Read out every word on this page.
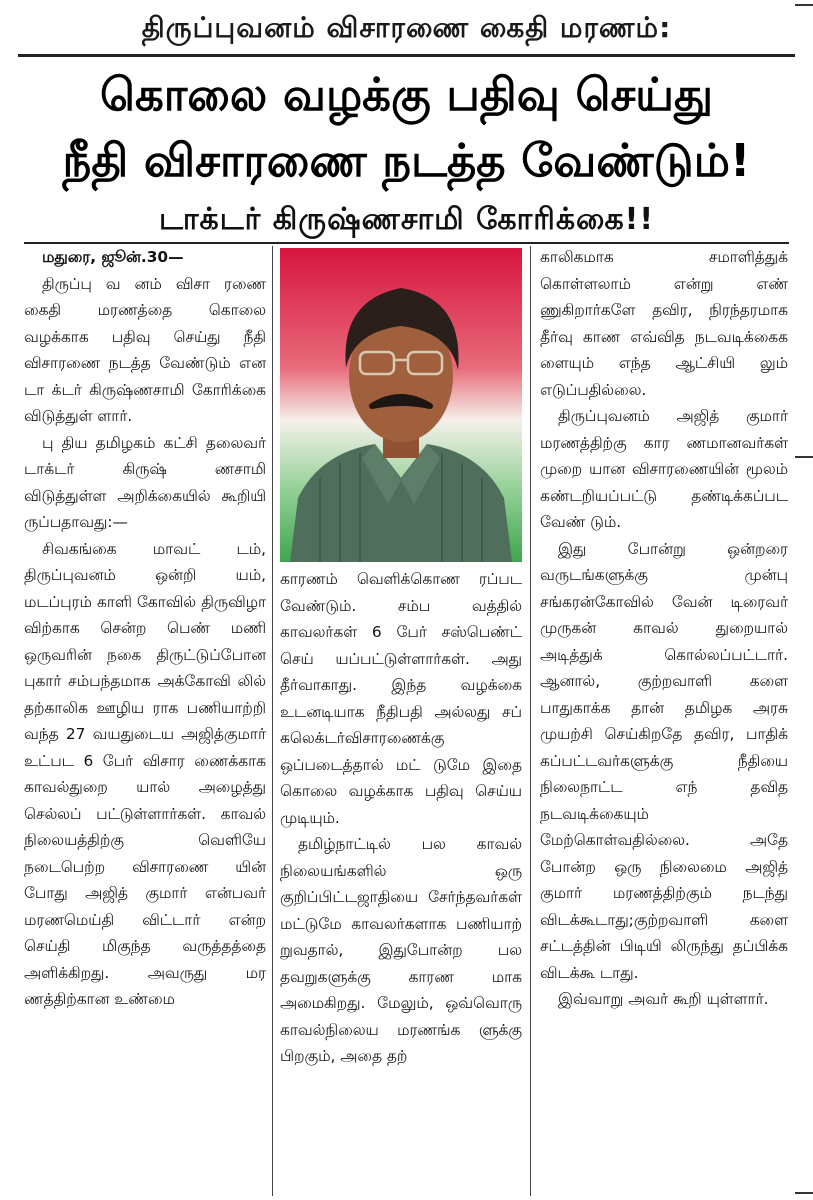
திருப்புவனம் விசாரணை கைதி மரணம்:
கொலை வழக்கு பதிவு செய்து
நீதி விசாரணை நடத்த வேண்டும்!
டாக்டர் கிருஷ்ணசாமி கோரிக்கை!!

மதுரை, ஜூன்.30—

திருப்பு வ னம் விசா ரணை கைதி மரணத்தை கொலை வழக்காக பதிவு செய்து நீதி விசாரணை நடத்த வேண்டும் என டா க்டர் கிருஷ்ணசாமி கோரிக்கை விடுத்துள் ளார்.

பு திய தமிழகம் கட்சி தலைவர் டாக்டர் கிருஷ் ணசாமி விடுத்துள்ள அறிக்கையில் கூறியி ருப்பதாவது:—

சிவகங்கை மாவட் டம், திருப்புவனம் ஒன்றி யம், மடப்புரம் காளி கோவில் திருவிழா விற்காக சென்ற பெண் மணி ஒருவரின் நகை திருட்டுப்போன புகார் சம்பந்தமாக அக்கோவி லில் தற்காலிக ஊழிய ராக பணியாற்றி வந்த 27 வயதுடைய அஜித்குமார் உட்பட 6 பேர் விசார ணைக்காக காவல்துறை யால் அழைத்து செல்லப் பட்டுள்ளார்கள். காவல் நிலையத்திற்கு வெளியே நடைபெற்ற விசாரணை யின் போது அஜித் குமார் என்பவர் மரணமெய்தி விட்டார் என்ற செய்தி மிகுந்த வருத்தத்தை அளிக்கிறது. அவருது மர ணத்திற்கான உண்மை

காரணம் வெளிக்கொண ரப்பட வேண்டும். சம்ப வத்தில் காவலர்கள் 6 பேர் சஸ்பெண்ட் செய் யப்பட்டுள்ளார்கள். அது தீர்வாகாது. இந்த வழக்கை உடனடியாக நீதிபதி அல்லது சப் கலெக்டர்விசாரணைக்கு ஒப்படைத்தால் மட் டுமே இதை கொலை வழக்காக பதிவு செய்ய முடியும்.

தமிழ்நாட்டில் பல காவல் நிலையங்களில் ஒரு குறிப்பிட்டஜாதியை சேர்ந்தவர்கள் மட்டுமே காவலர்களாக பணியாற் றுவதால், இதுபோன்ற பல தவறுகளுக்கு காரண மாக அமைகிறது. மேலும், ஒவ்வொரு காவல்நிலைய மரணங்க ளுக்கு பிறகும், அதை தற்

காலிகமாக சமாளித்துக் கொள்ளலாம் என்று எண் ணுகிறார்களே தவிர, நிரந்தரமாக தீர்வு காண எவ்வித நடவடிக்கைக ளையும் எந்த ஆட்சியி லும் எடுப்பதில்லை.

திருப்புவனம் அஜித் குமார் மரணத்திற்கு கார ணமானவர்கள் முறை யான விசாரணையின் மூலம் கண்டறியப்பட்டு தண்டிக்கப்பட வேண் டும்.

இது போன்று ஒன்றரை வருடங்களுக்கு முன்பு சங்கரன்கோவில் வேன் டிரைவர் முருகன் காவல் துறையால் அடித்துக் கொல்லப்பட்டார். ஆனால், குற்றவாளி களை பாதுகாக்க தான் தமிழக அரசு முயற்சி செய்கிறதே தவிர, பாதிக் கப்பட்டவர்களுக்கு நீதியை நிலைநாட்ட எந் தவித நடவடிக்கையும் மேற்கொள்வதில்லை. அதே போன்ற ஒரு நிலைமை அஜித் குமார் மரணத்திற்கும் நடந்து விடக்கூடாது;குற்றவாளி களை சட்டத்தின் பிடியி லிருந்து தப்பிக்க விடக்கூ டாது.

இவ்வாறு அவர் கூறி யுள்ளார்.
